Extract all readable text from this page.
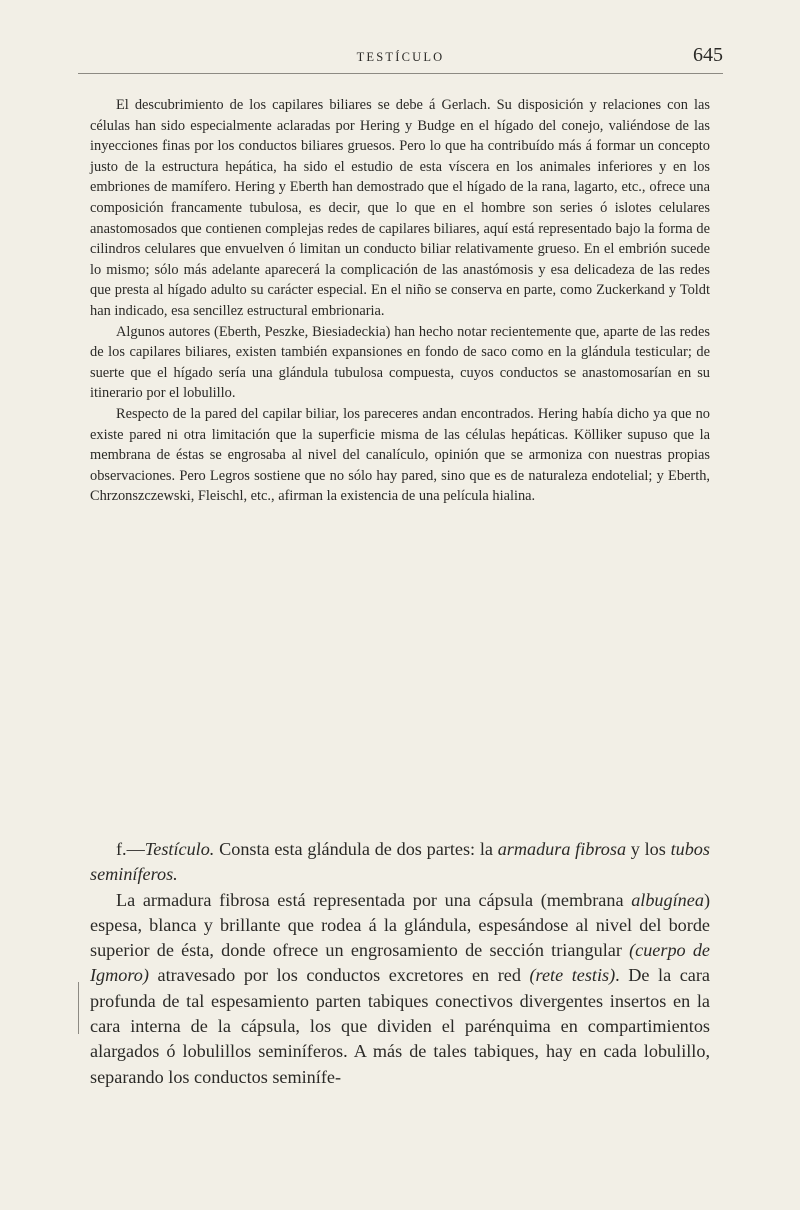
TESTÍCULO	645

El descubrimiento de los capilares biliares se debe á Gerlach. Su disposición y relaciones con las células han sido especialmente aclaradas por Hering y Budge en el hígado del conejo, valiéndose de las inyecciones finas por los conductos biliares gruesos. Pero lo que ha contribuído más á formar un concepto justo de la estructura hepática, ha sido el estudio de esta víscera en los animales inferiores y en los embriones de mamífero. Hering y Eberth han demostrado que el hígado de la rana, lagarto, etc., ofrece una composición francamente tubulosa, es decir, que lo que en el hombre son series ó islotes celulares anastomosados que contienen complejas redes de capilares biliares, aquí está representado bajo la forma de cilindros celulares que envuelven ó limitan un conducto biliar relativamente grueso. En el embrión sucede lo mismo; sólo más adelante aparecerá la complicación de las anastómosis y esa delicadeza de las redes que presta al hígado adulto su carácter especial. En el niño se conserva en parte, como Zuckerkand y Toldt han indicado, esa sencillez estructural embrionaria.

Algunos autores (Eberth, Peszke, Biesiadeckia) han hecho notar recientemente que, aparte de las redes de los capilares biliares, existen también expansiones en fondo de saco como en la glándula testicular; de suerte que el hígado sería una glándula tubulosa compuesta, cuyos conductos se anastomosarían en su itinerario por el lobulillo.

Respecto de la pared del capilar biliar, los pareceres andan encontrados. Hering había dicho ya que no existe pared ni otra limitación que la superficie misma de las células hepáticas. Kölliker supuso que la membrana de éstas se engrosaba al nivel del canalículo, opinión que se armoniza con nuestras propias observaciones. Pero Legros sostiene que no sólo hay pared, sino que es de naturaleza endotelial; y Eberth, Chrzonszczewski, Fleischl, etc., afirman la existencia de una película hialina.

f.—Testículo. Consta esta glándula de dos partes: la armadura fibrosa y los tubos seminíferos.

La armadura fibrosa está representada por una cápsula (membrana albugínea) espesa, blanca y brillante que rodea á la glándula, espesándose al nivel del borde superior de ésta, donde ofrece un engrosamiento de sección triangular (cuerpo de Igmoro) atravesado por los conductos excretores en red (rete testis). De la cara profunda de tal espesamiento parten tabiques conectivos divergentes insertos en la cara interna de la cápsula, los que dividen el parénquima en compartimientos alargados ó lobulillos seminíferos. A más de tales tabiques, hay en cada lobulillo, separando los conductos seminífe-
